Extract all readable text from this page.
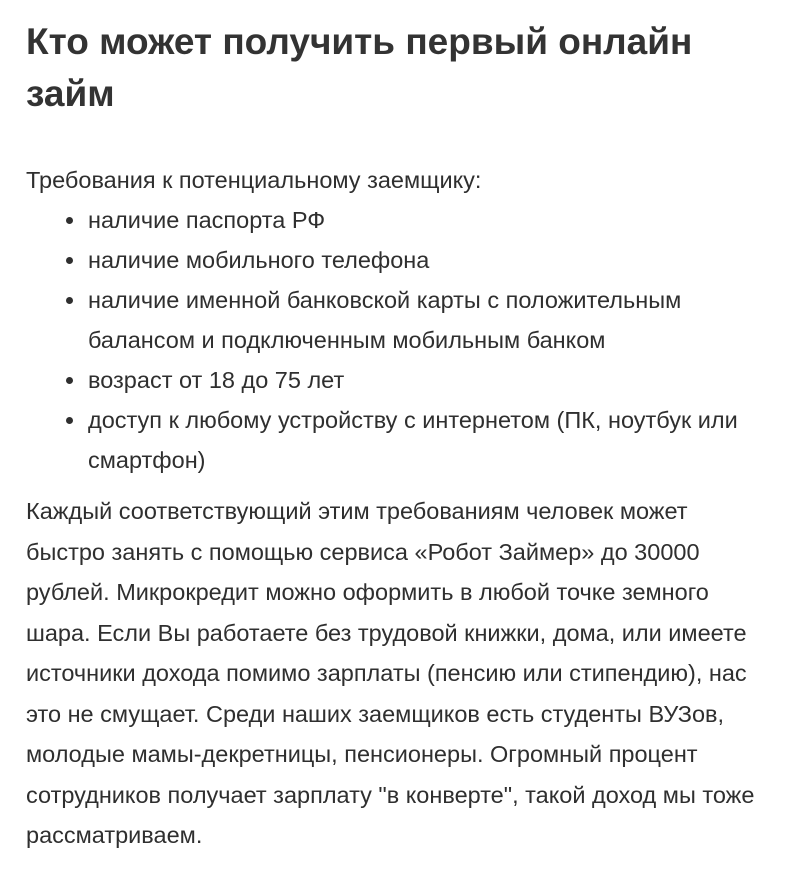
Кто может получить первый онлайн займ

Требования к потенциальному заемщику:

наличие паспорта РФ
наличие мобильного телефона
наличие именной банковской карты с положительным балансом и подключенным мобильным банком
возраст от 18 до 75 лет
доступ к любому устройству с интернетом (ПК, ноутбук или смартфон)

Каждый соответствующий этим требованиям человек может быстро занять с помощью сервиса «Робот Займер» до 30000 рублей. Микрокредит можно оформить в любой точке земного шара. Если Вы работаете без трудовой книжки, дома, или имеете источники дохода помимо зарплаты (пенсию или стипендию), нас это не смущает. Среди наших заемщиков есть студенты ВУЗов, молодые мамы-декретницы, пенсионеры. Огромный процент сотрудников получает зарплату "в конверте", такой доход мы тоже рассматриваем.
